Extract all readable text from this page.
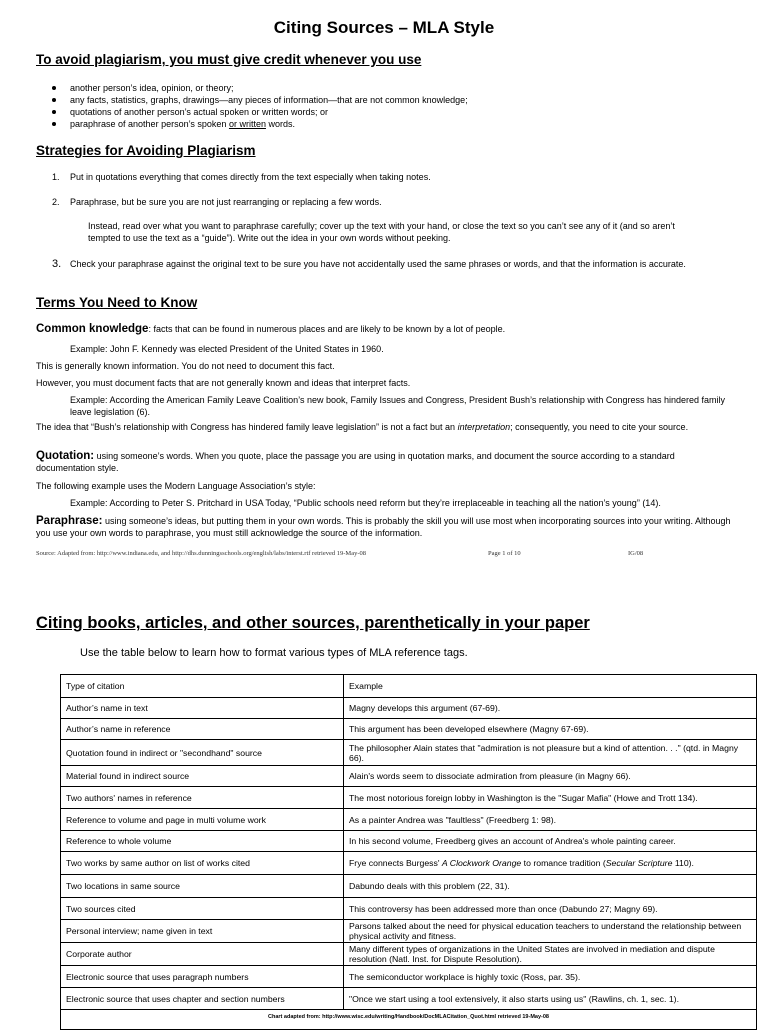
Citing Sources – MLA Style
To avoid plagiarism, you must give credit whenever you use
another person’s idea, opinion, or theory;
any facts, statistics, graphs, drawings—any pieces of information—that are not common knowledge;
quotations of another person’s actual spoken or written words; or
paraphrase of another person’s spoken or written words.
Strategies for Avoiding Plagiarism
1.	Put in quotations everything that comes directly from the text especially when taking notes.
2.	Paraphrase, but be sure you are not just rearranging or replacing a few words.
Instead, read over what you want to paraphrase carefully; cover up the text with your hand, or close the text so you can’t see any of it (and so aren’t tempted to use the text as a “guide”). Write out the idea in your own words without peeking.
3. Check your paraphrase against the original text to be sure you have not accidentally used the same phrases or words, and that the information is accurate.
Terms You Need to Know
Common knowledge: facts that can be found in numerous places and are likely to be known by a lot of people.
Example: John F. Kennedy was elected President of the United States in 1960.
This is generally known information. You do not need to document this fact.
However, you must document facts that are not generally known and ideas that interpret facts.
Example: According the American Family Leave Coalition’s new book, Family Issues and Congress, President Bush’s relationship with Congress has hindered family leave legislation (6).
The idea that “Bush’s relationship with Congress has hindered family leave legislation” is not a fact but an interpretation; consequently, you need to cite your source.
Quotation: using someone’s words. When you quote, place the passage you are using in quotation marks, and document the source according to a standard documentation style.
The following example uses the Modern Language Association’s style:
Example: According to Peter S. Pritchard in USA Today, “Public schools need reform but they’re irreplaceable in teaching all the nation’s young” (14).
Paraphrase: using someone’s ideas, but putting them in your own words. This is probably the skill you will use most when incorporating sources into your writing. Although you use your own words to paraphrase, you must still acknowledge the source of the information.
Source: Adapted from: http://www.indiana.edu, and http://dhs.dunningsschools.org/english/labs/interst.rtf retrieved 19-May-08	Page 1 of 10	IG/08
Citing books, articles, and other sources, parenthetically in your paper
Use the table below to learn how to format various types of MLA reference tags.
Type of citation	Example
Author’s name in text	Magny develops this argument (67-69).
Author’s name in reference	This argument has been developed elsewhere (Magny 67-69).
Quotation found in indirect or "secondhand" source	The philosopher Alain states that "admiration is not pleasure but a kind of attention. . ." (qtd. in Magny 66).
Material found in indirect source	Alain's words seem to dissociate admiration from pleasure (in Magny 66).
Two authors' names in reference	The most notorious foreign lobby in Washington is the "Sugar Mafia" (Howe and Trott 134).
Reference to volume and page in multi volume work	As a painter Andrea was "faultless" (Freedberg 1: 98).
Reference to whole volume	In his second volume, Freedberg gives an account of Andrea's whole painting career.
Two works by same author on list of works cited	Frye connects Burgess' A Clockwork Orange to romance tradition (Secular Scripture 110).
Two locations in same source	Dabundo deals with this problem (22, 31).
Two sources cited	This controversy has been addressed more than once (Dabundo 27; Magny 69).
Personal interview; name given in text	Parsons talked about the need for physical education teachers to understand the relationship between physical activity and fitness.
Corporate author	Many different types of organizations in the United States are involved in mediation and dispute resolution (Natl. Inst. for Dispute Resolution).
Electronic source that uses paragraph numbers	The semiconductor workplace is highly toxic (Ross, par. 35).
Electronic source that uses chapter and section numbers	"Once we start using a tool extensively, it also starts using us" (Rawlins, ch. 1, sec. 1).
Chart adapted from: http://www.wisc.edu/writing/Handbook/DocMLACitation_Quot.html retrieved 19-May-08
